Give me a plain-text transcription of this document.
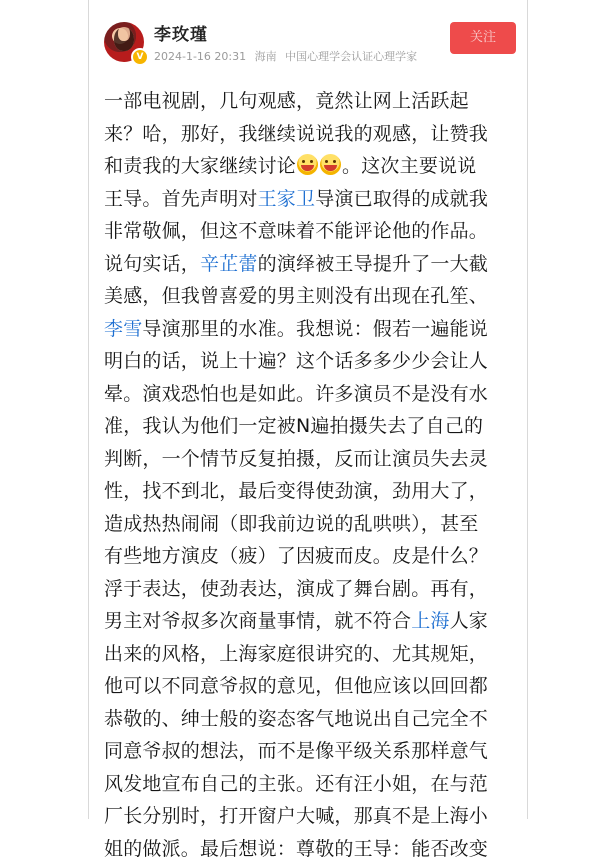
V
李玫瑾
2024-1-16 20:31 海南 中国心理学会认证心理学家
关注
一部电视剧，几句观感，竟然让网上活跃起
来？哈，那好，我继续说说我的观感，让赞我
和责我的大家继续讨论 。这次主要说说
王导。首先声明对王家卫导演已取得的成就我
非常敬佩，但这不意味着不能评论他的作品。
说句实话，辛芷蕾的演绎被王导提升了一大截
美感，但我曾喜爱的男主则没有出现在孔笙、
李雪导演那里的水准。我想说：假若一遍能说
明白的话，说上十遍？这个话多多少少会让人
晕。演戏恐怕也是如此。许多演员不是没有水
准，我认为他们一定被N遍拍摄失去了自己的
判断，一个情节反复拍摄，反而让演员失去灵
性，找不到北，最后变得使劲演，劲用大了，
造成热热闹闹（即我前边说的乱哄哄），甚至
有些地方演皮（疲）了因疲而皮。皮是什么？
浮于表达，使劲表达，演成了舞台剧。再有，
男主对爷叔多次商量事情，就不符合上海人家
出来的风格，上海家庭很讲究的、尤其规矩，
他可以不同意爷叔的意见，但他应该以回回都
恭敬的、绅士般的姿态客气地说出自己完全不
同意爷叔的想法，而不是像平级关系那样意气
风发地宣布自己的主张。还有汪小姐，在与范
厂长分别时，打开窗户大喊，那真不是上海小
姐的做派。最后想说：尊敬的王导：能否改变
